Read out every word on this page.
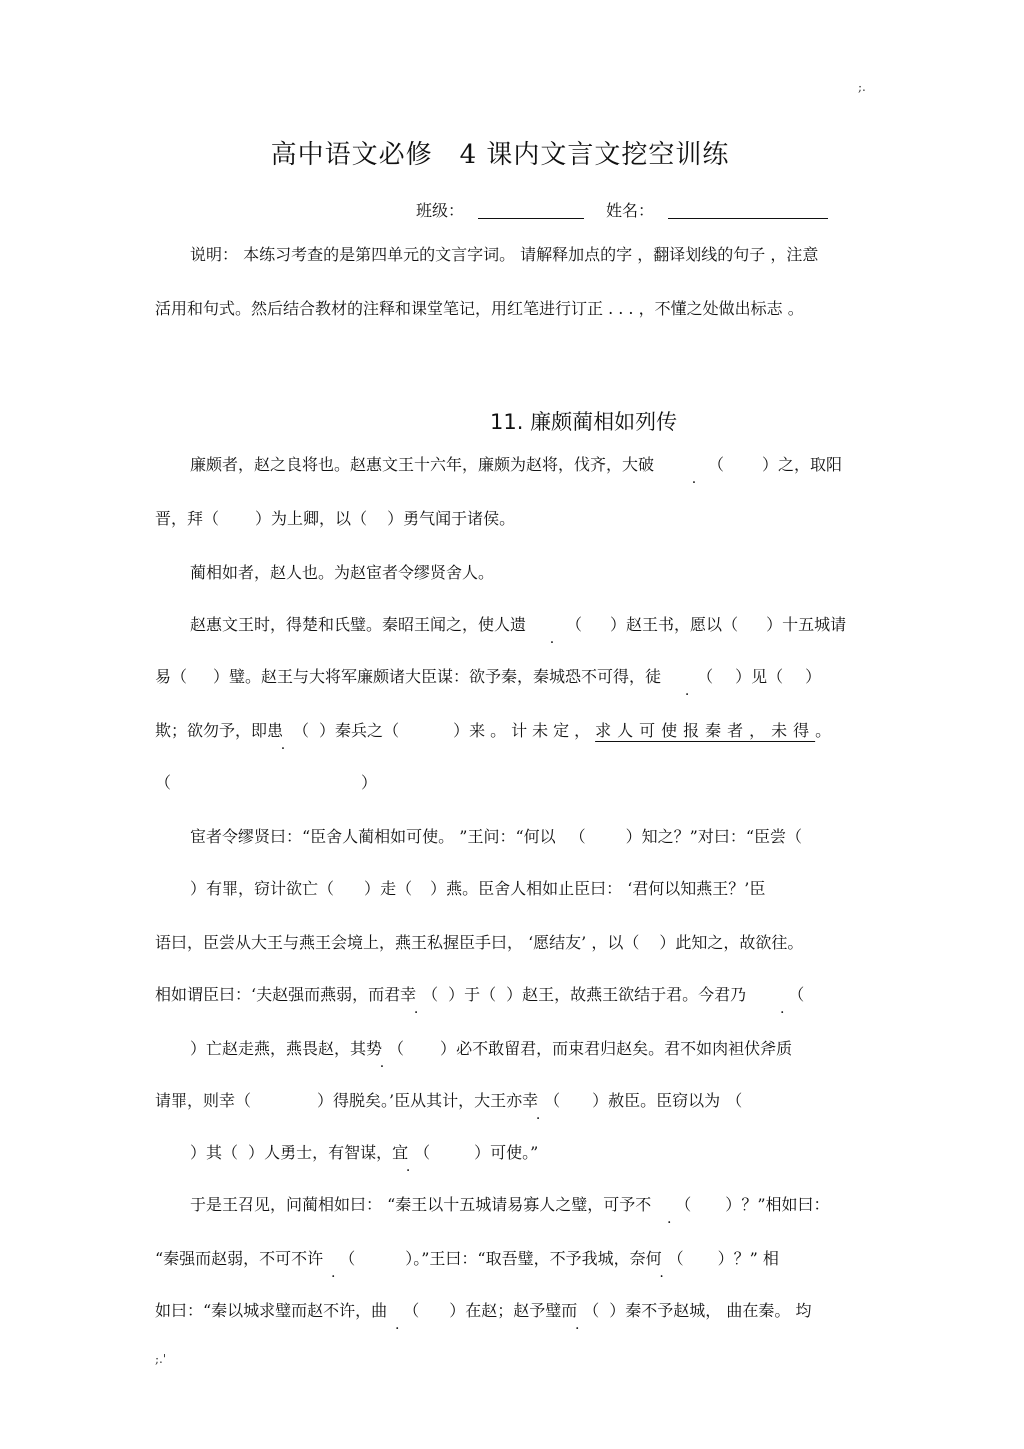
;.
高中语文必修　4 课内文言文挖空训练
班级：	姓名：
说明： 本练习考查的是第四单元的文言字词。 请解释加点的字 ，翻译划线的句子 ，注意
活用和句式。然后结合教材的注释和课堂笔记，用红笔进行订正 . . . ，不懂之处做出标志 。
11. 廉颇蔺相如列传
廉颇者，赵之良将也。赵惠文王十六年，廉颇为赵将，伐齐，大破	（ ）之，取阳
晋，拜（ ）为上卿，以（ ）勇气闻于诸侯。
蔺相如者，赵人也。为赵宦者令缪贤舍人。
赵惠文王时，得楚和氏璧。秦昭王闻之，使人遗	（ ）赵王书，愿以（ ）十五城请
易（ ）璧。赵王与大将军廉颇诸大臣谋：欲予秦，秦城恐不可得，徒 （ ）见（ ）
欺；欲勿予，即患 （ ）秦兵之（	）来。计未定，求人可使报秦者，未得。
（	）
宦者令缪贤曰：“臣舍人蔺相如可使。 ”王问：“何以 （	）知之？”对曰：“臣尝（
）有罪，窃计欲亡（ ）走（ ）燕。臣舍人相如止臣曰： ‘君何以知燕王？’臣
语曰，臣尝从大王与燕王会境上，燕王私握臣手曰， ‘愿结友’ ，以（ ）此知之，故欲往。
相如谓臣曰：‘夫赵强而燕弱，而君幸 （ ）于（ ）赵王，故燕王欲结于君。今君乃	（
）亡赵走燕，燕畏赵，其势 （ ）必不敢留君，而束君归赵矣。君不如肉袒伏斧质
请罪，则幸（	）得脱矣。’臣从其计，大王亦幸 （ ）赦臣。臣窃以为 （
）其（ ）人勇士，有智谋，宜 （	）可使。”
于是王召见，问蔺相如曰： “秦王以十五城请易寡人之璧，可予不 （ ）？”相如曰：
“秦强而赵弱，不可不许 （	）。”王曰：“取吾璧，不予我城，奈何 （ ）？” 相
如曰：“秦以城求璧而赵不许，曲 （ ）在赵；赵予璧而 （ ）秦不予赵城， 曲在秦。 均
;.'
